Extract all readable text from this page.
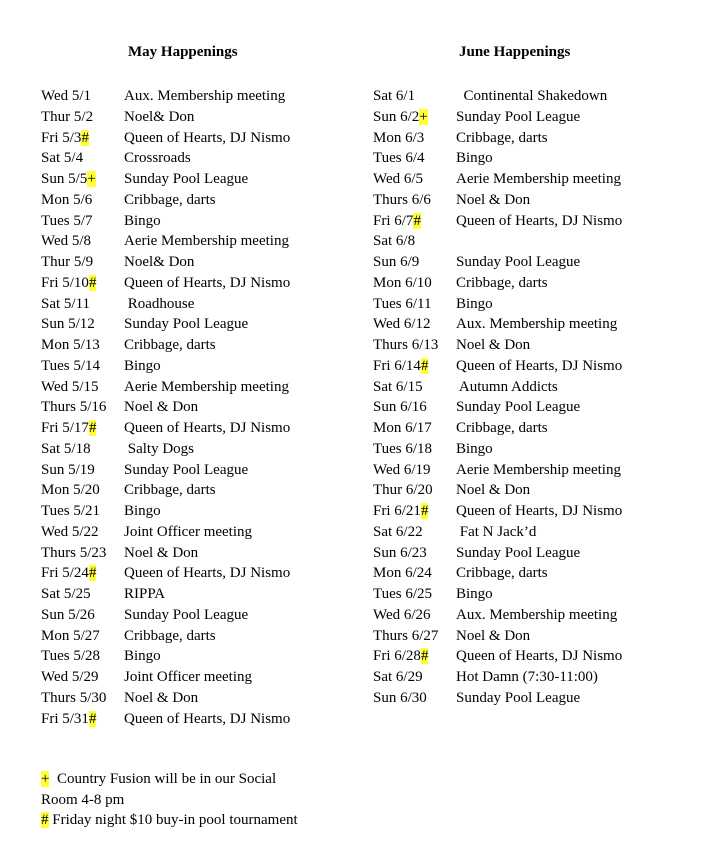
May Happenings	June Happenings
Wed 5/1 Aux. Membership meeting
Thur 5/2 Noel& Don
Fri 5/3# Queen of Hearts, DJ Nismo
Sat 5/4	Crossroads
Sun 5/5+ Sunday Pool League
Mon 5/6 Cribbage, darts
Tues 5/7 Bingo
Wed 5/8 Aerie Membership meeting
Thur 5/9 Noel& Don
Fri 5/10# Queen of Hearts, DJ Nismo
Sat 5/11 Roadhouse
Sun 5/12 Sunday Pool League
Mon 5/13 Cribbage, darts
Tues 5/14 Bingo
Wed 5/15 Aerie Membership meeting
Thurs 5/16 Noel & Don
Fri 5/17# Queen of Hearts, DJ Nismo
Sat 5/18 Salty Dogs
Sun 5/19 Sunday Pool League
Mon 5/20 Cribbage, darts
Tues 5/21 Bingo
Wed 5/22 Joint Officer meeting
Thurs 5/23 Noel & Don
Fri 5/24# Queen of Hearts, DJ Nismo
Sat 5/25 RIPPA
Sun 5/26 Sunday Pool League
Mon 5/27 Cribbage, darts
Tues 5/28 Bingo
Wed 5/29 Joint Officer meeting
Thurs 5/30 Noel & Don
Fri 5/31# Queen of Hearts, DJ Nismo
Sat 6/1	Continental Shakedown
Sun 6/2+ Sunday Pool League
Mon 6/3 Cribbage, darts
Tues 6/4 Bingo
Wed 6/5 Aerie Membership meeting
Thurs 6/6 Noel & Don
Fri 6/7# Queen of Hearts, DJ Nismo
Sat 6/8
Sun 6/9 Sunday Pool League
Mon 6/10 Cribbage, darts
Tues 6/11 Bingo
Wed 6/12 Aux. Membership meeting
Thurs 6/13 Noel & Don
Fri 6/14# Queen of Hearts, DJ Nismo
Sat 6/15 Autumn Addicts
Sun 6/16 Sunday Pool League
Mon 6/17 Cribbage, darts
Tues 6/18 Bingo
Wed 6/19 Aerie Membership meeting
Thur 6/20 Noel & Don
Fri 6/21# Queen of Hearts, DJ Nismo
Sat 6/22 Fat N Jack’d
Sun 6/23 Sunday Pool League
Mon 6/24 Cribbage, darts
Tues 6/25 Bingo
Wed 6/26 Aux. Membership meeting
Thurs 6/27 Noel & Don
Fri 6/28# Queen of Hearts, DJ Nismo
Sat 6/29 Hot Damn (7:30-11:00)
Sun 6/30 Sunday Pool League
+  Country Fusion will be in our Social
Room 4-8 pm
# Friday night $10 buy-in pool tournament
